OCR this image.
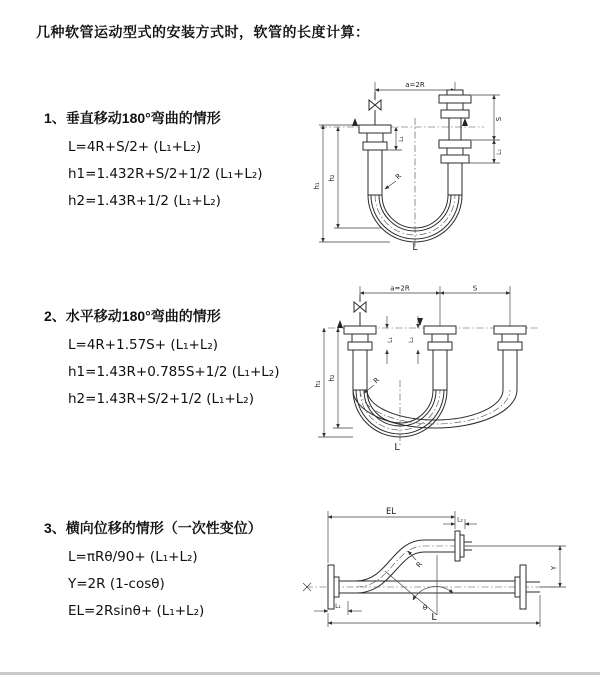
几种软管运动型式的安装方式时，软管的长度计算：
1、垂直移动180°弯曲的情形
L=4R+S/2+ (L₁+L₂)
h1=1.432R+S/2+1/2 (L₁+L₂)
h2=1.43R+1/2 (L₁+L₂)
2、水平移动180°弯曲的情形
L=4R+1.57S+ (L₁+L₂)
h1=1.43R+0.785S+1/2 (L₁+L₂)
h2=1.43R+S/2+1/2 (L₁+L₂)
3、横向位移的情形（一次性变位）
L=πRθ/90+ (L₁+L₂)
Y=2R (1-cosθ)
EL=2Rsinθ+ (L₁+L₂)
a=2R
h₁
h₂
L₁
S
L₂
R
L
a=2R	S
h₁
h₂
L₁ L₂
R
L
θ
EL
L₂
R	Y
L₁
L
